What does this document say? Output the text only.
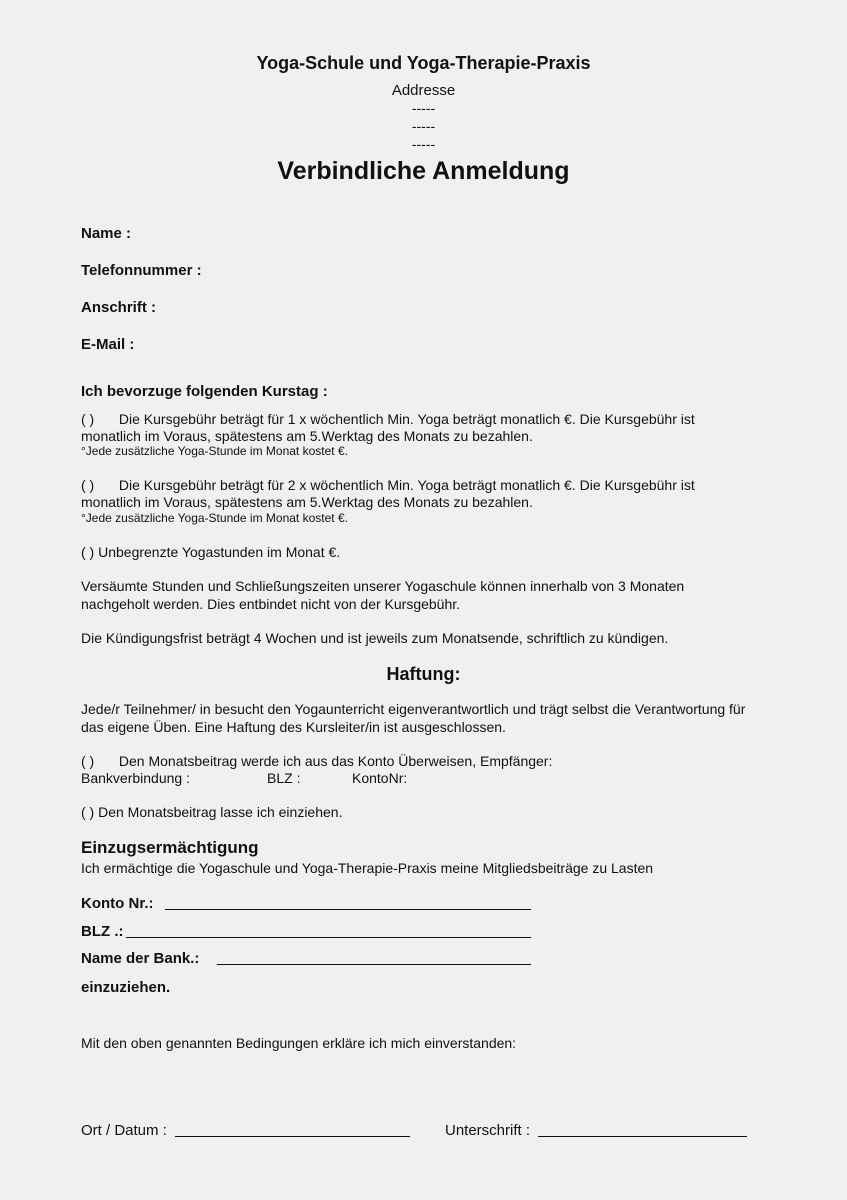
Yoga-Schule und Yoga-Therapie-Praxis
Addresse
-----
-----
-----
Verbindliche Anmeldung
Name :
Telefonnummer :
Anschrift :
E-Mail :
Ich bevorzuge folgenden Kurstag :
( ) Die Kursgebühr beträgt für 1 x wöchentlich Min. Yoga beträgt monatlich €. Die Kursgebühr ist
monatlich im Voraus, spätestens am 5.Werktag des Monats zu bezahlen.
°Jede zusätzliche Yoga-Stunde im Monat kostet €.
( ) Die Kursgebühr beträgt für 2 x wöchentlich Min. Yoga beträgt monatlich €. Die Kursgebühr ist
monatlich im Voraus, spätestens am 5.Werktag des Monats zu bezahlen.
°Jede zusätzliche Yoga-Stunde im Monat kostet €.
( ) Unbegrenzte Yogastunden im Monat €.
Versäumte Stunden und Schließungszeiten unserer Yogaschule können innerhalb von 3 Monaten
nachgeholt werden. Dies entbindet nicht von der Kursgebühr.
Die Kündigungsfrist beträgt 4 Wochen und ist jeweils zum Monatsende, schriftlich zu kündigen.
Haftung:
Jede/r Teilnehmer/ in besucht den Yogaunterricht eigenverantwortlich und trägt selbst die Verantwortung für
das eigene Üben. Eine Haftung des Kursleiter/in ist ausgeschlossen.
( ) Den Monatsbeitrag werde ich aus das Konto Überweisen, Empfänger:
Bankverbindung :	BLZ :	KontoNr:
( ) Den Monatsbeitrag lasse ich einziehen.
Einzugsermächtigung
Ich ermächtige die Yogaschule und Yoga-Therapie-Praxis meine Mitgliedsbeiträge zu Lasten
Konto Nr.:
BLZ .:
Name der Bank.:
einzuziehen.
Mit den oben genannten Bedingungen erkläre ich mich einverstanden:
Ort / Datum :	Unterschrift :
